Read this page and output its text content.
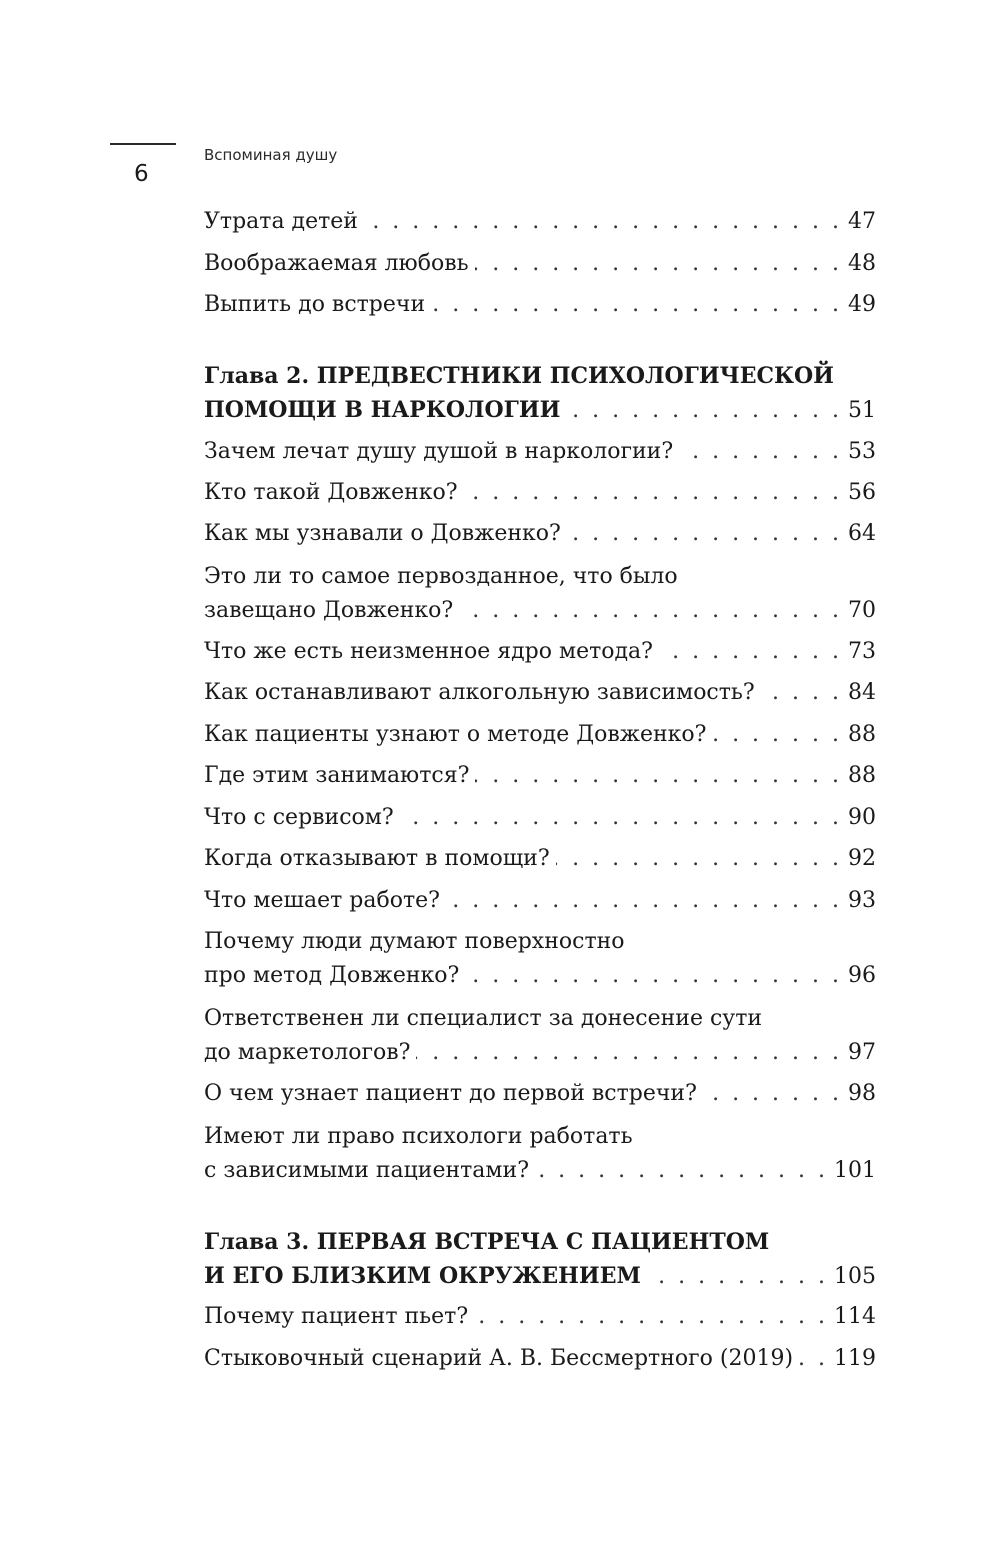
6
Вспоминая душу
Утрата детей . . .	47
Воображаемая любовь . . .	48
Выпить до встречи . . .	49
Глава 2. ПРЕДВЕСТНИКИ ПСИХОЛОГИЧЕСКОЙ
ПОМОЩИ В НАРКОЛОГИИ . . .	51
Зачем лечат душу душой в наркологии? . . .	53
Кто такой Довженко? . . .	56
Как мы узнавали о Довженко? . . .	64
Это ли то самое первозданное, что было
завещано Довженко? . . .	70
Что же есть неизменное ядро метода? . . .	73
Как останавливают алкогольную зависимость? . . .	84
Как пациенты узнают о методе Довженко? . . .	88
Где этим занимаются? . . .	88
Что с сервисом? . . .	90
Когда отказывают в помощи? . . .	92
Что мешает работе? . . .	93
Почему люди думают поверхностно
про метод Довженко? . . .	96
Ответственен ли специалист за донесение сути
до маркетологов? . . .	97
О чем узнает пациент до первой встречи? . . .	98
Имеют ли право психологи работать
с зависимыми пациентами? . . .	101
Глава 3. ПЕРВАЯ ВСТРЕЧА С ПАЦИЕНТОМ
И ЕГО БЛИЗКИМ ОКРУЖЕНИЕМ . . .	105
Почему пациент пьет? . . .	114
Стыковочный сценарий А. В. Бессмертного (2019) . . . 119
